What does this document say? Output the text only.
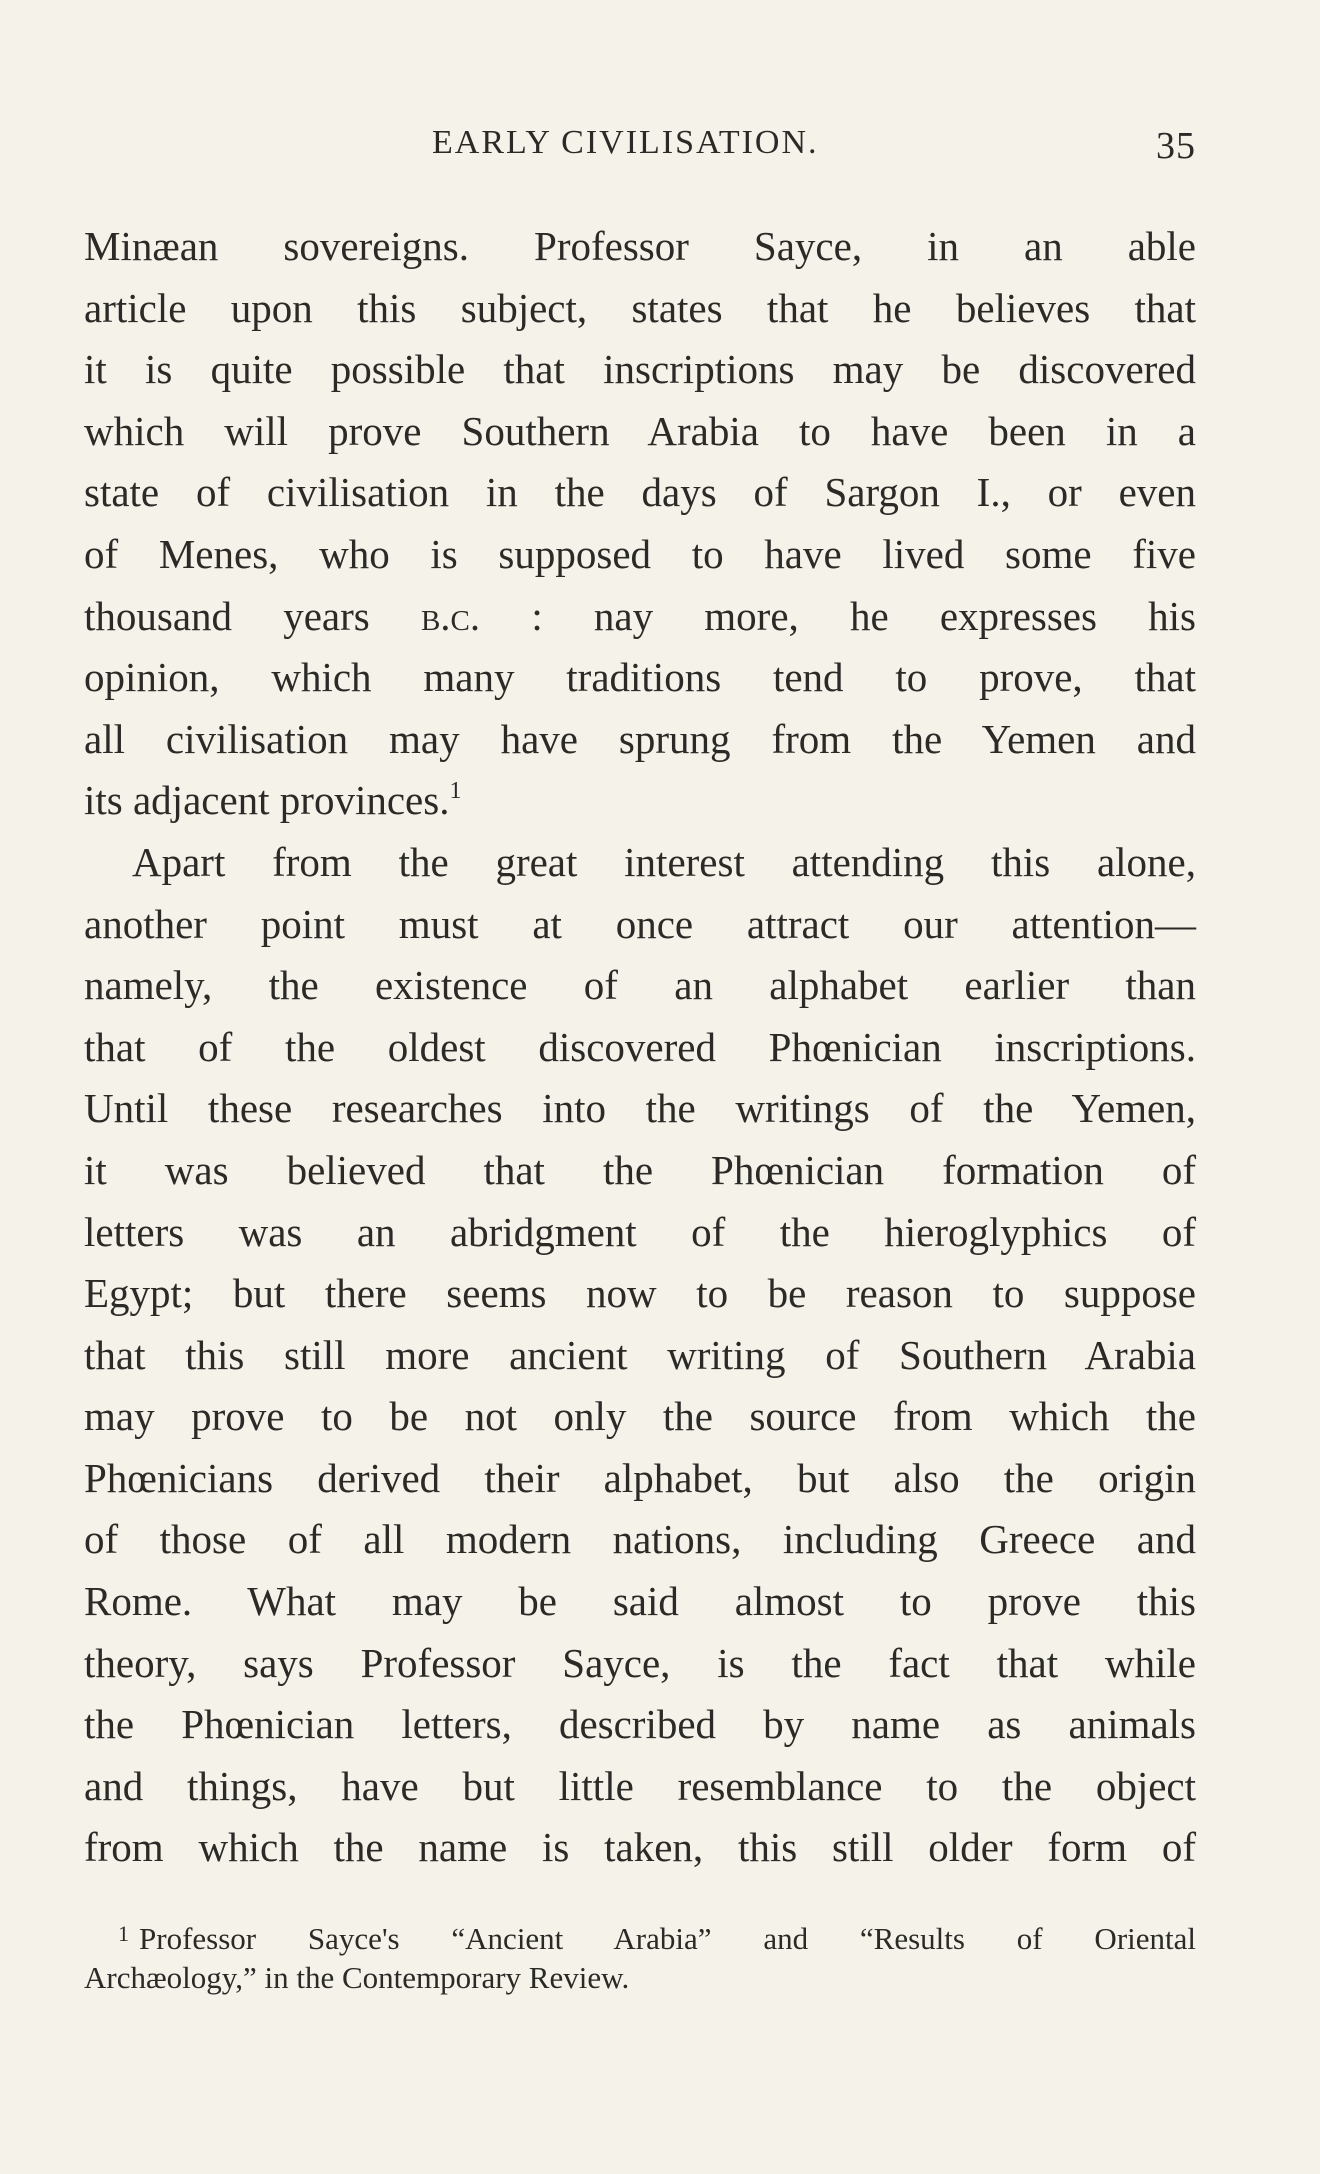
EARLY CIVILISATION.	35
Minæan sovereigns. Professor Sayce, in an able
article upon this subject, states that he believes that
it is quite possible that inscriptions may be discovered
which will prove Southern Arabia to have been in a
state of civilisation in the days of Sargon I., or even
of Menes, who is supposed to have lived some five
thousand years b.c. : nay more, he expresses his
opinion, which many traditions tend to prove, that
all civilisation may have sprung from the Yemen and
its adjacent provinces.$^1$
Apart from the great interest attending this alone,
another point must at once attract our attention—
namely, the existence of an alphabet earlier than
that of the oldest discovered Phœnician inscriptions.
Until these researches into the writings of the Yemen,
it was believed that the Phœnician formation of
letters was an abridgment of the hieroglyphics of
Egypt; but there seems now to be reason to suppose
that this still more ancient writing of Southern Arabia
may prove to be not only the source from which the
Phœnicians derived their alphabet, but also the origin
of those of all modern nations, including Greece and
Rome. What may be said almost to prove this
theory, says Professor Sayce, is the fact that while
the Phœnician letters, described by name as animals
and things, have but little resemblance to the object
from which the name is taken, this still older form of
$^1$ Professor Sayce's “Ancient Arabia” and “Results of Oriental
Archæology,” in the Contemporary Review.
